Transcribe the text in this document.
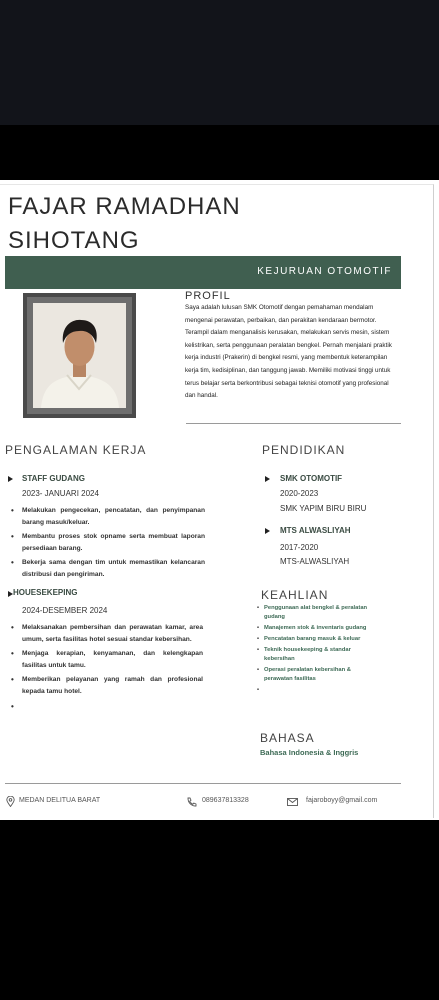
FAJAR RAMADHAN
SIHOTANG
KEJURUAN OTOMOTIF
PROFIL
Saya adalah lulusan SMK Otomotif dengan pemahaman mendalam mengenai perawatan, perbaikan, dan perakitan kendaraan bermotor. Terampil dalam menganalisis kerusakan, melakukan servis mesin, sistem kelistrikan, serta penggunaan peralatan bengkel. Pernah menjalani praktik kerja industri (Prakerin) di bengkel resmi, yang membentuk keterampilan kerja tim, kedisiplinan, dan tanggung jawab. Memiliki motivasi tinggi untuk terus belajar serta berkontribusi sebagai teknisi otomotif yang profesional dan handal.
PENGALAMAN KERJA
STAFF GUDANG
2023- JANUARI 2024
• Melakukan pengecekan, pencatatan, dan penyimpanan barang masuk/keluar.
• Membantu proses stok opname serta membuat laporan persediaan barang.
• Bekerja sama dengan tim untuk memastikan kelancaran distribusi dan pengiriman.
HOUESEKEPING
2024-DESEMBER 2024
• Melaksanakan pembersihan dan perawatan kamar, area umum, serta fasilitas hotel sesuai standar kebersihan.
• Menjaga kerapian, kenyamanan, dan kelengkapan fasilitas untuk tamu.
• Memberikan pelayanan yang ramah dan profesional kepada tamu hotel.
PENDIDIKAN
SMK OTOMOTIF
2020-2023
SMK YAPIM BIRU BIRU
MTS ALWASLIYAH
2017-2020
MTS-ALWASLIYAH
KEAHLIAN
• Penggunaan alat bengkel & peralatan gudang
• Manajemen stok & inventaris gudang
• Pencatatan barang masuk & keluar
• Teknik housekeeping & standar kebersihan
• Operasi peralatan kebersihan & perawatan fasilitas
BAHASA
Bahasa Indonesia & Inggris
MEDAN DELITUA BARAT	089637813328	fajaroboyy@gmail.com
